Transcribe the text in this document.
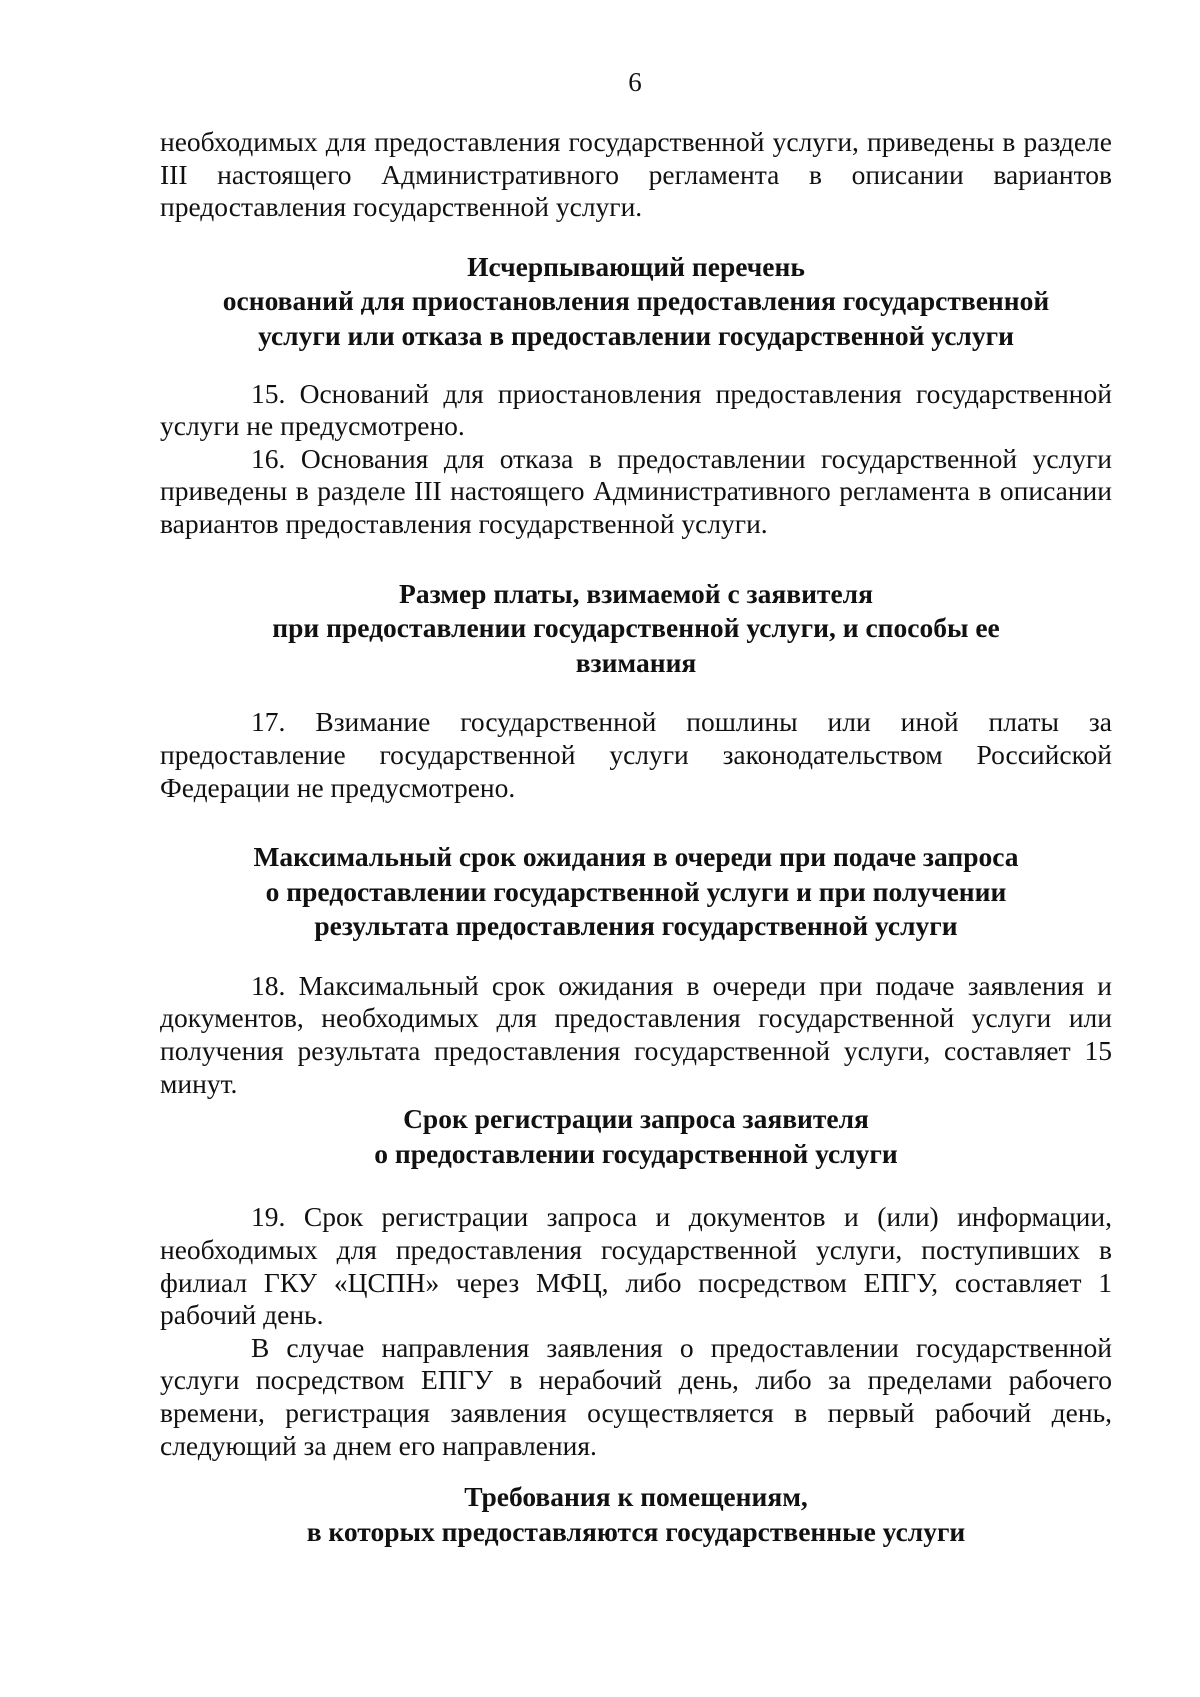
6

необходимых для предоставления государственной услуги, приведены в разделе III настоящего Административного регламента в описании вариантов предоставления государственной услуги.

Исчерпывающий перечень
оснований для приостановления предоставления государственной
услуги или отказа в предоставлении государственной услуги

15. Оснований для приостановления предоставления государственной услуги не предусмотрено.

16. Основания для отказа в предоставлении государственной услуги приведены в разделе III настоящего Административного регламента в описании вариантов предоставления государственной услуги.

Размер платы, взимаемой с заявителя
при предоставлении государственной услуги, и способы ее
взимания

17. Взимание государственной пошлины или иной платы за предоставление государственной услуги законодательством Российской Федерации не предусмотрено.

Максимальный срок ожидания в очереди при подаче запроса
о предоставлении государственной услуги и при получении
результата предоставления государственной услуги

18. Максимальный срок ожидания в очереди при подаче заявления и документов, необходимых для предоставления государственной услуги или получения результата предоставления государственной услуги, составляет 15 минут.

Срок регистрации запроса заявителя
о предоставлении государственной услуги

19. Срок регистрации запроса и документов и (или) информации, необходимых для предоставления государственной услуги, поступивших в филиал ГКУ «ЦСПН» через МФЦ, либо посредством ЕПГУ, составляет 1 рабочий день.

В случае направления заявления о предоставлении государственной услуги посредством ЕПГУ в нерабочий день, либо за пределами рабочего времени, регистрация заявления осуществляется в первый рабочий день, следующий за днем его направления.

Требования к помещениям,
в которых предоставляются государственные услуги
